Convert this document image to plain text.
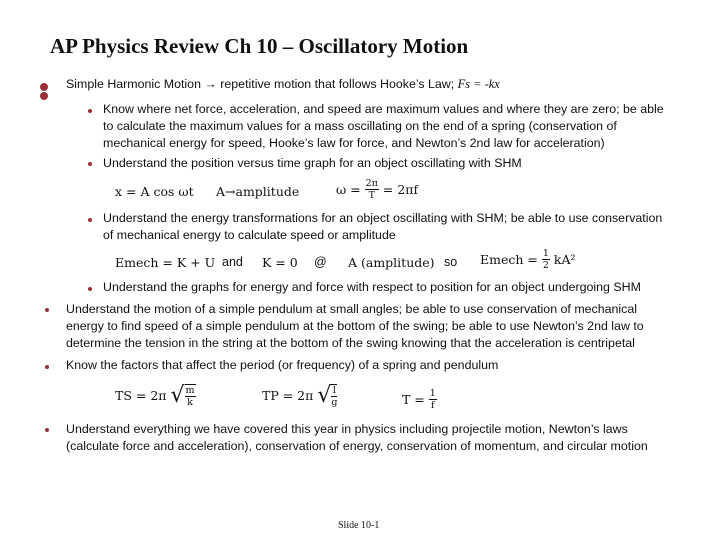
AP Physics Review Ch 10 – Oscillatory Motion
Simple Harmonic Motion → repetitive motion that follows Hooke’s Law; Fs = -kx
Know where net force, acceleration, and speed are maximum values and where they are zero; be able
to calculate the maximum values for a mass oscillating on the end of a spring (conservation of
mechanical energy for speed, Hooke’s law for force, and Newton’s 2nd law for acceleration)
Understand the position versus time graph for an object oscillating with SHM
x = A cos ωt A→amplitude	$\omega = \frac{2\pi}{T} = 2\pi f$
Understand the energy transformations for an object oscillating with SHM; be able to use conservation
of mechanical energy to calculate speed or amplitude
Emech = K + U and K = 0 @ A (amplitude) so Emech = $\frac{1}{2} kA^2$
Understand the graphs for energy and force with respect to position for an object undergoing SHM
Understand the motion of a simple pendulum at small angles; be able to use conservation of mechanical
energy to find speed of a simple pendulum at the bottom of the swing; be able to use Newton’s 2nd law to
determine the tension in the string at the bottom of the swing knowing that the acceleration is centripetal
Know the factors that affect the period (or frequency) of a spring and pendulum
TS = 2π √ $\frac{m}{k}$	TP = 2π √ $\frac{l}{g}$	$T = \frac{1}{f}$
Understand everything we have covered this year in physics including projectile motion, Newton’s laws
(calculate force and acceleration), conservation of energy, conservation of momentum, and circular motion
Slide 10-1
